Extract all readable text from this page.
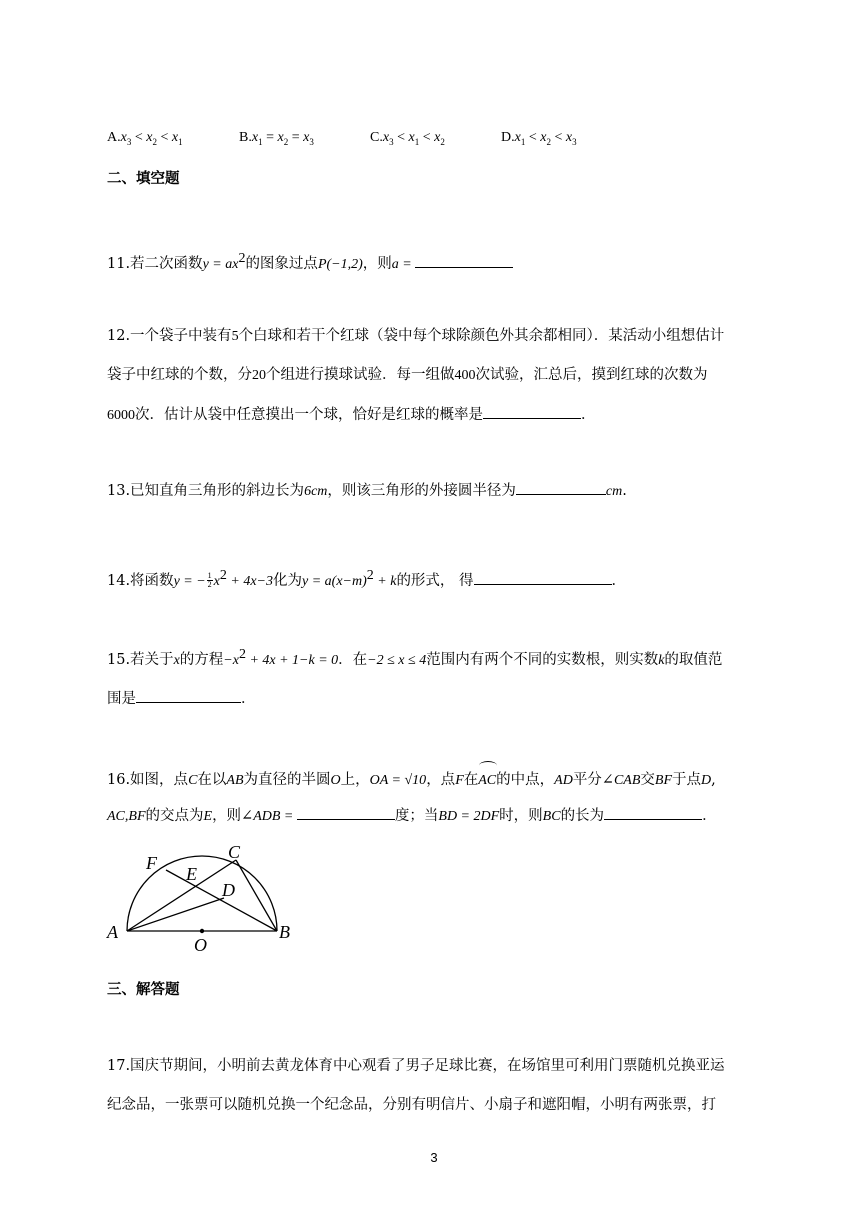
$A.x_3 < x_2 < x_1$	$B.x_1 = x_2 = x_3$	$C.x_3 < x_1 < x_2$	$D.x_1 < x_2 < x_3$
二、填空题
11.若二次函数$y = ax^2$的图象过点P(−1,2)，则a =
12.一个袋子中装有5个白球和若干个红球（袋中每个球除颜色外其余都相同）．某活动小组想估计
袋子中红球的个数，分20个组进行摸球试验．每一组做400次试验，汇总后，摸到红球的次数为
6000次．估计从袋中任意摸出一个球，恰好是红球的概率是	．
13.已知直角三角形的斜边长为6cm，则该三角形的外接圆半径为	cm.
14.将函数y = − $\frac{1}{2} x^2 + 4x-3$化为$y = a(x-m)^2 + k$的形式， 得	．
15.若关于x的方程$-x^2 + 4x + 1-k = 0$．在−2 ≤ x ≤ 4范围内有两个不同的实数根，则实数k的取值范
围是	．
16.如图，点C在以AB为直径的半圆O上，OA = √10，点F在
AC的中点，AD平分∠CAB交BF于点D,
AC,BF的交点为E，则∠ADB =	度；当BD = 2DF时，则BC的长为	．
F
C
E
D
A
O
B
三、解答题
17.国庆节期间，小明前去黄龙体育中心观看了男子足球比赛，在场馆里可利用门票随机兑换亚运
纪念品，一张票可以随机兑换一个纪念品，分别有明信片、小扇子和遮阳帽，小明有两张票，打
3
